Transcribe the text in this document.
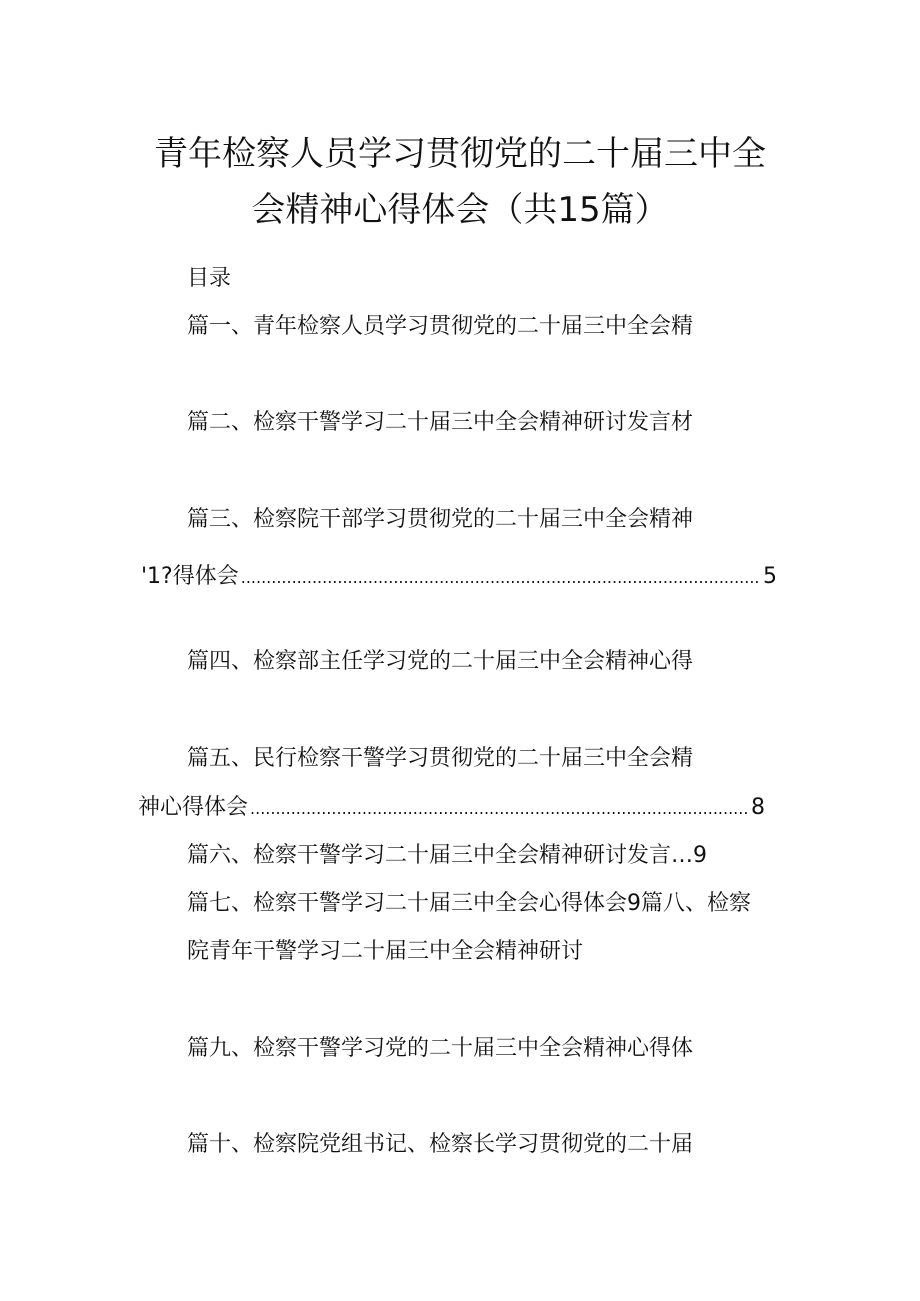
青年检察人员学习贯彻党的二十届三中全
会精神心得体会（共15篇）
目录
篇一、青年检察人员学习贯彻党的二十届三中全会精
篇二、检察干警学习二十届三中全会精神研讨发言材
篇三、检察院干部学习贯彻党的二十届三中全会精神
'1?得体会 .....	5
篇四、检察部主任学习党的二十届三中全会精神心得
篇五、民行检察干警学习贯彻党的二十届三中全会精
神心得体会 .....	8
篇六、检察干警学习二十届三中全会精神研讨发言…9
篇七、检察干警学习二十届三中全会心得体会9篇八、检察
院青年干警学习二十届三中全会精神研讨
篇九、检察干警学习党的二十届三中全会精神心得体
篇十、检察院党组书记、检察长学习贯彻党的二十届
